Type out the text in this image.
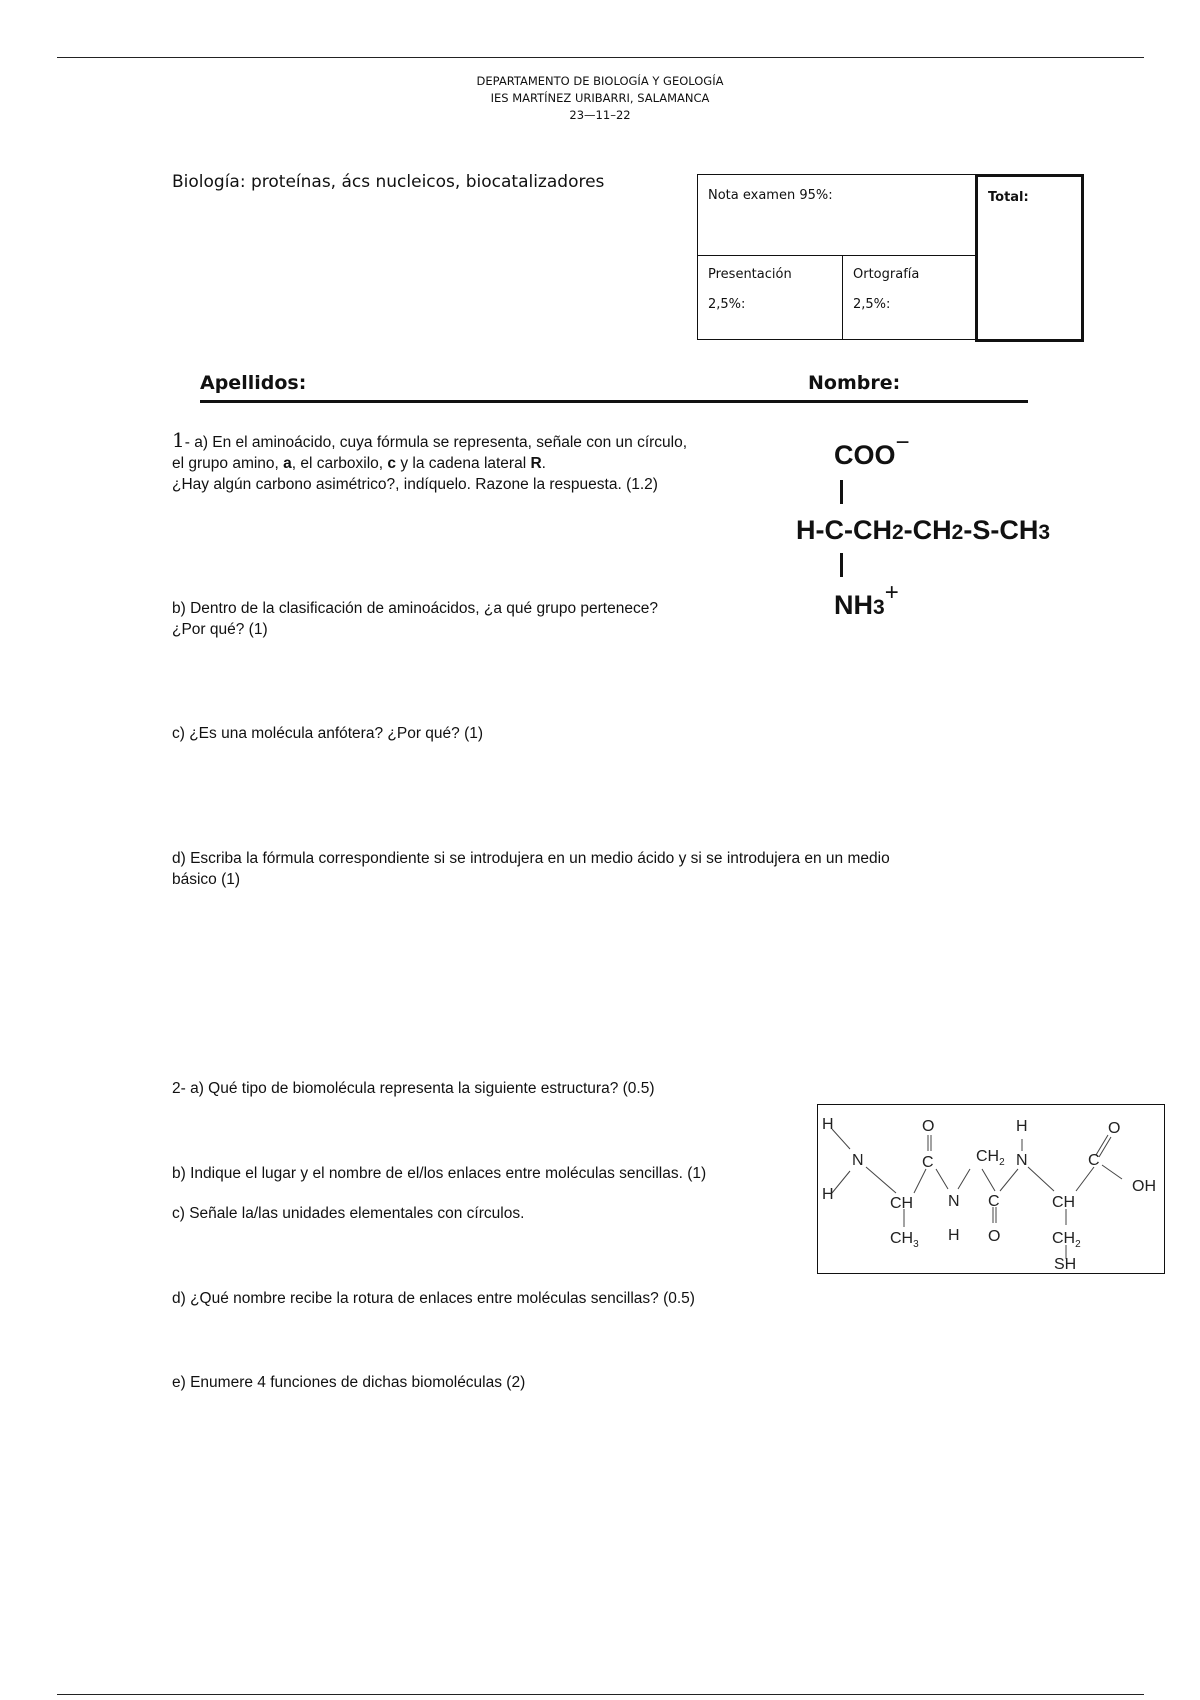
DEPARTAMENTO DE BIOLOGÍA Y GEOLOGÍA
IES MARTÍNEZ URIBARRI, SALAMANCA
23—11–22
Biología: proteínas, ács nucleicos, biocatalizadores
Nota examen 95%:
Presentación
2,5%:
Ortografía
2,5%:
Total:
Apellidos:	Nombre:
1- a) En el aminoácido, cuya fórmula se representa, señale con un círculo,
el grupo amino, a, el carboxilo, c y la cadena lateral R.
¿Hay algún carbono asimétrico?, indíquelo. Razone la respuesta. (1.2)
COO−
H-C-CH2-CH2-S-CH3
NH3+
b) Dentro de la clasificación de aminoácidos, ¿a qué grupo pertenece?
¿Por qué? (1)
c) ¿Es una molécula anfótera? ¿Por qué? (1)
d) Escriba la fórmula correspondiente si se introdujera en un medio ácido y si se introdujera en un medio
básico (1)
2- a) Qué tipo de biomolécula representa la siguiente estructura? (0.5)
b) Indique el lugar y el nombre de el/los enlaces entre moléculas sencillas. (1)
c) Señale la/las unidades elementales con círculos.
d) ¿Qué nombre recibe la rotura de enlaces entre moléculas sencillas? (0.5)
e) Enumere 4 funciones de dichas biomoléculas (2)
H
H
N
CH
$CH_3$
C
O
N
H
$CH_2$
C
O
H
N
CH
$CH_2$
SH
C
O
OH
